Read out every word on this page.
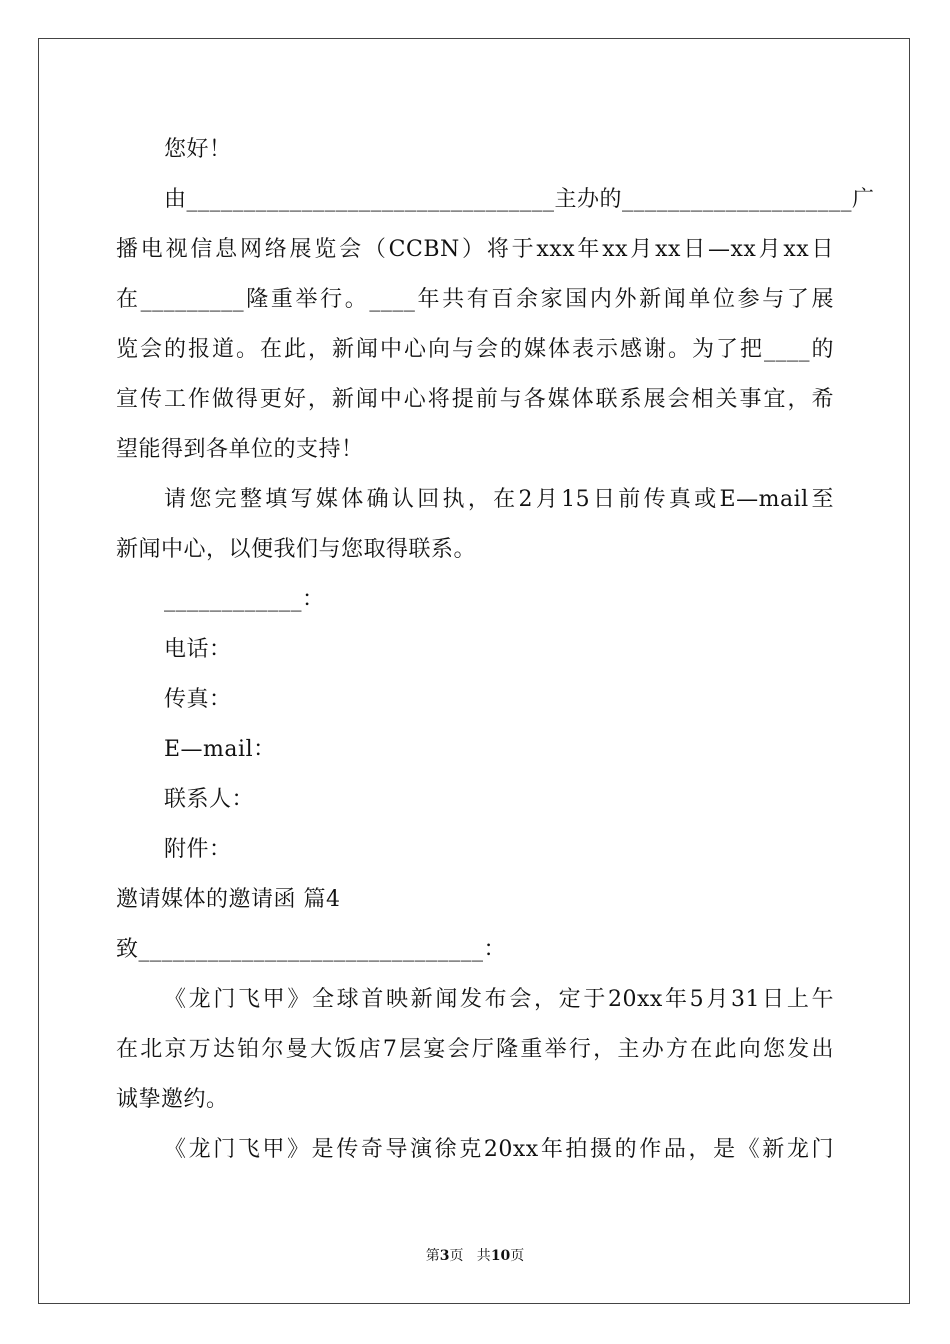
您好！
由________________________________主办的____________________广
播电视信息网络展览会（CCBN）将于xxx年xx月xx日—xx月xx日
在_________隆重举行。____年共有百余家国内外新闻单位参与了展
览会的报道。在此，新闻中心向与会的媒体表示感谢。为了把____的
宣传工作做得更好，新闻中心将提前与各媒体联系展会相关事宜，希
望能得到各单位的支持！
请您完整填写媒体确认回执，在2月15日前传真或E—mail至
新闻中心，以便我们与您取得联系。
____________：
电话：
传真：
E—mail：
联系人：
附件：
邀请媒体的邀请函 篇4
致______________________________：
《龙门飞甲》全球首映新闻发布会，定于20xx年5月31日上午
在北京万达铂尔曼大饭店7层宴会厅隆重举行，主办方在此向您发出
诚挚邀约。
《龙门飞甲》是传奇导演徐克20xx年拍摄的作品，是《新龙门
第3页   共10页
